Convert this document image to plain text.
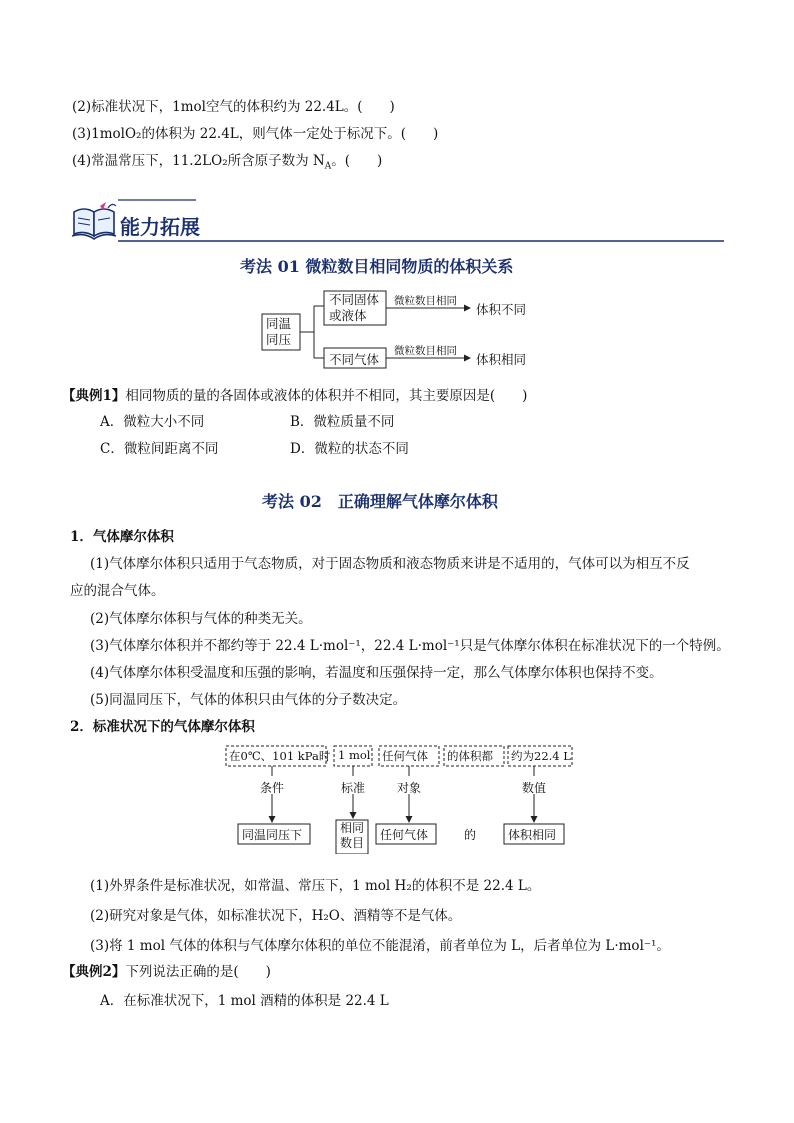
(2)标准状况下，1mol空气的体积约为 22.4L。(　　)
(3)1molO₂的体积为 22.4L，则气体一定处于标况下。(　　)
(4)常温常压下，11.2LO₂所含原子数为 $N_A$。(　　)
能力拓展
考法 01 微粒数目相同物质的体积关系
同温
同压
不同固体
或液体
不同气体
微粒数目相同
微粒数目相同
体积不同
体积相同
【典例1】相同物质的量的各固体或液体的体积并不相同，其主要原因是(　　)
A．微粒大小不同	B．微粒质量不同
C．微粒间距离不同	D．微粒的状态不同
考法 02　正确理解气体摩尔体积
1．气体摩尔体积
(1)气体摩尔体积只适用于气态物质，对于固态物质和液态物质来讲是不适用的，气体可以为相互不反
应的混合气体。
(2)气体摩尔体积与气体的种类无关。
(3)气体摩尔体积并不都约等于 22.4 L·mol⁻¹，22.4 L·mol⁻¹只是气体摩尔体积在标准状况下的一个特例。
(4)气体摩尔体积受温度和压强的影响，若温度和压强保持一定，那么气体摩尔体积也保持不变。
(5)同温同压下，气体的体积只由气体的分子数决定。
2．标准状况下的气体摩尔体积
在0℃、101 kPa时 1 mol 任何气体 的体积都 约为22.4 L
条件	标准	对象	数值
同温同压下	相同
数目
任何气体	的	体积相同
(1)外界条件是标准状况，如常温、常压下，1 mol H₂的体积不是 22.4 L。
(2)研究对象是气体，如标准状况下，H₂O、酒精等不是气体。
(3)将 1 mol 气体的体积与气体摩尔体积的单位不能混淆，前者单位为 L，后者单位为 L·mol⁻¹。
【典例2】下列说法正确的是(　　)
A．在标准状况下，1 mol 酒精的体积是 22.4 L
